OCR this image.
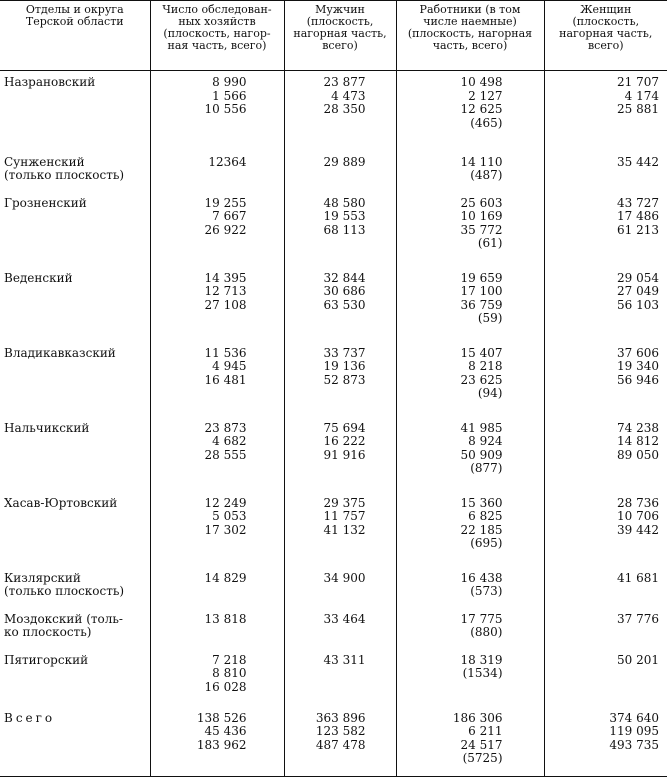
Отделы и округа
Терской области	Число обследован-
ных хозяйств
(плоскость, нагор-
ная часть, всего)	Мужчин
(плоскость,
нагорная часть,
всего)	Работники (в том
числе наемные)
(плоскость, нагорная
часть, всего)	Женщин
(плоскость,
нагорная часть,
всего)

Назрановский	8 990
1 566
10 556	23 877
4 473
28 350	10 498
2 127
12 625
(465)	21 707
4 174
25 881

Сунженский
(только плоскость)	12364	29 889	14 110
(487)	35 442

Грозненский	19 255
7 667
26 922	48 580
19 553
68 113	25 603
10 169
35 772
(61)	43 727
17 486
61 213

Веденский	14 395
12 713
27 108	32 844
30 686
63 530	19 659
17 100
36 759
(59)	29 054
27 049
56 103

Владикавказский	11 536
4 945
16 481	33 737
19 136
52 873	15 407
8 218
23 625
(94)	37 606
19 340
56 946

Нальчикский	23 873
4 682
28 555	75 694
16 222
91 916	41 985
8 924
50 909
(877)	74 238
14 812
89 050

Хасав-Юртовский	12 249
5 053
17 302	29 375
11 757
41 132	15 360
6 825
22 185
(695)	28 736
10 706
39 442

Кизлярский
(только плоскость)	14 829	34 900	16 438
(573)	41 681

Моздокский (толь-
ко плоскость)	13 818	33 464	17 775
(880)	37 776

Пятигорский	7 218
8 810
16 028	43 311	18 319
(1534)	50 201

Всего	138 526
45 436
183 962	363 896
123 582
487 478	186 306
6 211
24 517
(5725)	374 640
119 095
493 735
